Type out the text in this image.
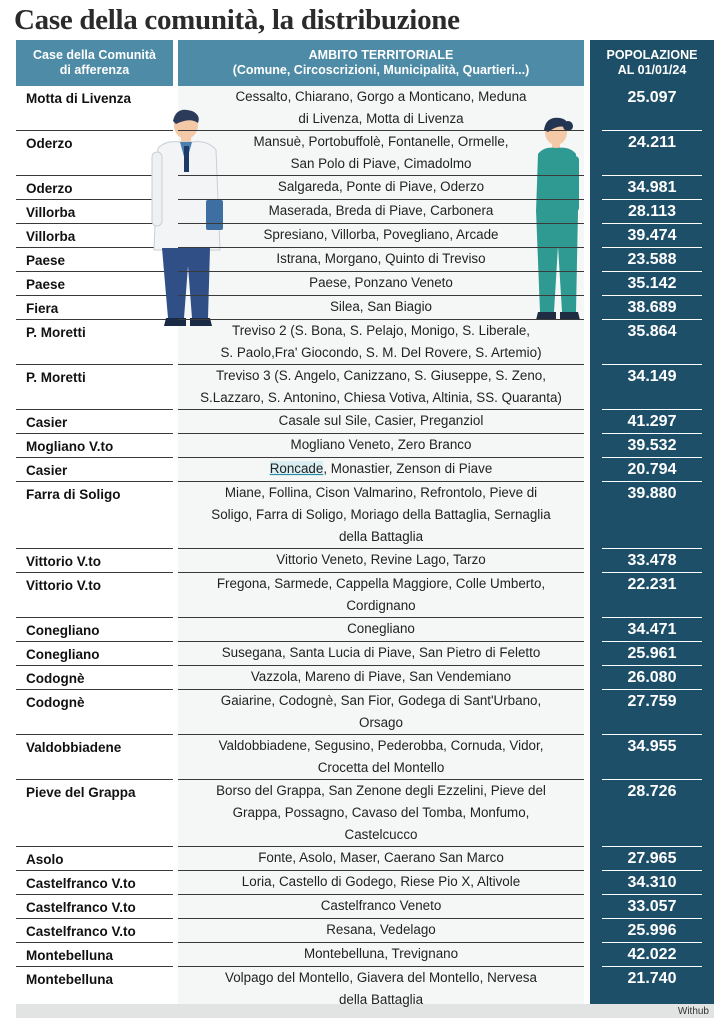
Case della comunità, la distribuzione
Case della Comunità
di afferenza
AMBITO TERRITORIALE
(Comune, Circoscrizioni, Municipalità, Quartieri...)
POPOLAZIONE
AL 01/01/24
Motta di Livenza	Cessalto, Chiarano, Gorgo a Monticano, Meduna
di Livenza, Motta di Livenza
25.097
Oderzo	Mansuè, Portobuffolè, Fontanelle, Ormelle,
San Polo di Piave, Cimadolmo
24.211
Oderzo	Salgareda, Ponte di Piave, Oderzo	34.981
Villorba	Maserada, Breda di Piave, Carbonera	28.113
Villorba	Spresiano, Villorba, Povegliano, Arcade	39.474
Paese	Istrana, Morgano, Quinto di Treviso	23.588
Paese	Paese, Ponzano Veneto	35.142
Fiera	Silea, San Biagio	38.689
P. Moretti	Treviso 2 (S. Bona, S. Pelajo, Monigo, S. Liberale,
S. Paolo,Fra' Giocondo, S. M. Del Rovere, S. Artemio)
35.864
P. Moretti	Treviso 3 (S. Angelo, Canizzano, S. Giuseppe, S. Zeno,
S.Lazzaro, S. Antonino, Chiesa Votiva, Altinia, SS. Quaranta)
34.149
Casier	Casale sul Sile, Casier, Preganziol	41.297
Mogliano V.to	Mogliano Veneto, Zero Branco	39.532
Casier	Roncade, Monastier, Zenson di Piave	20.794
Farra di Soligo	Miane, Follina, Cison Valmarino, Refrontolo, Pieve di
Soligo, Farra di Soligo, Moriago della Battaglia, Sernaglia
della Battaglia
39.880
Vittorio V.to	Vittorio Veneto, Revine Lago, Tarzo	33.478
Vittorio V.to	Fregona, Sarmede, Cappella Maggiore, Colle Umberto,
Cordignano
22.231
Conegliano	Conegliano	34.471
Conegliano	Susegana, Santa Lucia di Piave, San Pietro di Feletto	25.961
Codognè	Vazzola, Mareno di Piave, San Vendemiano	26.080
Codognè	Gaiarine, Codognè, San Fior, Godega di Sant'Urbano,
Orsago
27.759
Valdobbiadene	Valdobbiadene, Segusino, Pederobba, Cornuda, Vidor,
Crocetta del Montello
34.955
Pieve del Grappa	Borso del Grappa, San Zenone degli Ezzelini, Pieve del
Grappa, Possagno, Cavaso del Tomba, Monfumo,
Castelcucco
28.726
Asolo	Fonte, Asolo, Maser, Caerano San Marco	27.965
Castelfranco V.to	Loria, Castello di Godego, Riese Pio X, Altivole	34.310
Castelfranco V.to	Castelfranco Veneto	33.057
Castelfranco V.to	Resana, Vedelago	25.996
Montebelluna	Montebelluna, Trevignano	42.022
Montebelluna	Volpago del Montello, Giavera del Montello, Nervesa
della Battaglia
21.740
Withub
